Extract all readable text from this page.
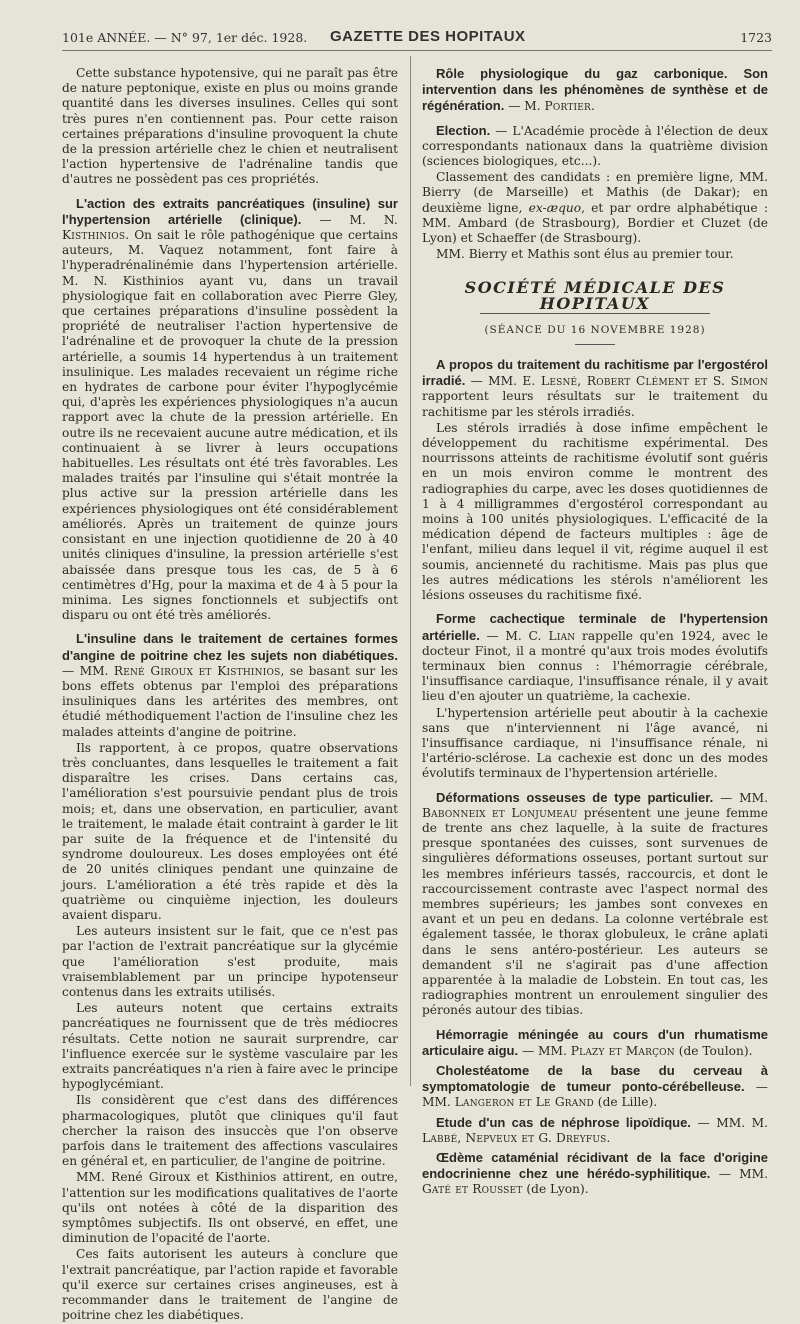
101e ANNÉE. — N° 97, 1er déc. 1928. GAZETTE DES HOPITAUX	1723

Cette substance hypotensive, qui ne paraît pas être de nature peptonique, existe en plus ou moins grande quantité dans les diverses insulines. Celles qui sont très pures n'en contiennent pas. Pour cette raison certaines préparations d'insuline provoquent la chute de la pression artérielle chez le chien et neutralisent l'action hypertensive de l'adrénaline tandis que d'autres ne possèdent pas ces propriétés.

L'action des extraits pancréatiques (insuline) sur l'hypertension artérielle (clinique). — M. N. Kisthinios. On sait le rôle pathogénique que certains auteurs, M. Vaquez notamment, font faire à l'hyperadrénalinémie dans l'hypertension artérielle. M. N. Kisthinios ayant vu, dans un travail physiologique fait en collaboration avec Pierre Gley, que certaines préparations d'insuline possèdent la propriété de neutraliser l'action hypertensive de l'adrénaline et de provoquer la chute de la pression artérielle, a soumis 14 hypertendus à un traitement insulinique. Les malades recevaient un régime riche en hydrates de carbone pour éviter l'hypoglycémie qui, d'après les expériences physiologiques n'a aucun rapport avec la chute de la pression artérielle. En outre ils ne recevaient aucune autre médication, et ils continuaient à se livrer à leurs occupations habituelles. Les résultats ont été très favorables. Les malades traités par l'insuline qui s'était montrée la plus active sur la pression artérielle dans les expériences physiologiques ont été considérablement améliorés. Après un traitement de quinze jours consistant en une injection quotidienne de 20 à 40 unités cliniques d'insuline, la pression artérielle s'est abaissée dans presque tous les cas, de 5 à 6 centimètres d'Hg, pour la maxima et de 4 à 5 pour la minima. Les signes fonctionnels et subjectifs ont disparu ou ont été très améliorés.

L'insuline dans le traitement de certaines formes d'angine de poitrine chez les sujets non diabétiques. — MM. René Giroux et Kisthinios, se basant sur les bons effets obtenus par l'emploi des préparations insuliniques dans les artérites des membres, ont étudié méthodiquement l'action de l'insuline chez les malades atteints d'angine de poitrine.

Ils rapportent, à ce propos, quatre observations très concluantes, dans lesquelles le traitement a fait disparaître les crises. Dans certains cas, l'amélioration s'est poursuivie pendant plus de trois mois; et, dans une observation, en particulier, avant le traitement, le malade était contraint à garder le lit par suite de la fréquence et de l'intensité du syndrome douloureux. Les doses employées ont été de 20 unités cliniques pendant une quinzaine de jours. L'amélioration a été très rapide et dès la quatrième ou cinquième injection, les douleurs avaient disparu.

Les auteurs insistent sur le fait, que ce n'est pas par l'action de l'extrait pancréatique sur la glycémie que l'amélioration s'est produite, mais vraisemblablement par un principe hypotenseur contenus dans les extraits utilisés.

Les auteurs notent que certains extraits pancréatiques ne fournissent que de très médiocres résultats. Cette notion ne saurait surprendre, car l'influence exercée sur le système vasculaire par les extraits pancréatiques n'a rien à faire avec le principe hypoglycémiant.

Ils considèrent que c'est dans des différences pharmacologiques, plutôt que cliniques qu'il faut chercher la raison des insuccès que l'on observe parfois dans le traitement des affections vasculaires en général et, en particulier, de l'angine de poitrine.

MM. René Giroux et Kisthinios attirent, en outre, l'attention sur les modifications qualitatives de l'aorte qu'ils ont notées à côté de la disparition des symptômes subjectifs. Ils ont observé, en effet, une diminution de l'opacité de l'aorte.

Ces faits autorisent les auteurs à conclure que l'extrait pancréatique, par l'action rapide et favorable qu'il exerce sur certaines crises angineuses, est à recommander dans le traitement de l'angine de poitrine chez les diabétiques.

Rôle physiologique du gaz carbonique. Son intervention dans les phénomènes de synthèse et de régénération. — M. Portier.

Election. — L'Académie procède à l'élection de deux correspondants nationaux dans la quatrième division (sciences biologiques, etc...).

Classement des candidats : en première ligne, MM. Bierry (de Marseille) et Mathis (de Dakar); en deuxième ligne, ex-æquo, et par ordre alphabétique : MM. Ambard (de Strasbourg), Bordier et Cluzet (de Lyon) et Schaeffer (de Strasbourg).

MM. Bierry et Mathis sont élus au premier tour.

SOCIÉTÉ MÉDICALE DES HOPITAUX
(SÉANCE DU 16 NOVEMBRE 1928)

A propos du traitement du rachitisme par l'ergostérol irradié. — MM. E. Lesné, Robert Clément et S. Simon rapportent leurs résultats sur le traitement du rachitisme par les stérols irradiés.

Les stérols irradiés à dose infime empêchent le développement du rachitisme expérimental. Des nourrissons atteints de rachitisme évolutif sont guéris en un mois environ comme le montrent des radiographies du carpe, avec les doses quotidiennes de 1 à 4 milligrammes d'ergostérol correspondant au moins à 100 unités physiologiques. L'efficacité de la médication dépend de facteurs multiples : âge de l'enfant, milieu dans lequel il vit, régime auquel il est soumis, ancienneté du rachitisme. Mais pas plus que les autres médications les stérols n'améliorent les lésions osseuses du rachitisme fixé.

Forme cachectique terminale de l'hypertension artérielle. — M. C. Lian rappelle qu'en 1924, avec le docteur Finot, il a montré qu'aux trois modes évolutifs terminaux bien connus : l'hémorragie cérébrale, l'insuffisance cardiaque, l'insuffisance rénale, il y avait lieu d'en ajouter un quatrième, la cachexie.

L'hypertension artérielle peut aboutir à la cachexie sans que n'interviennent ni l'âge avancé, ni l'insuffisance cardiaque, ni l'insuffisance rénale, ni l'artério-sclérose. La cachexie est donc un des modes évolutifs terminaux de l'hypertension artérielle.

Déformations osseuses de type particulier. — MM. Babonneix et Lonjumeau présentent une jeune femme de trente ans chez laquelle, à la suite de fractures presque spontanées des cuisses, sont survenues de singulières déformations osseuses, portant surtout sur les membres inférieurs tassés, raccourcis, et dont le raccourcissement contraste avec l'aspect normal des membres supérieurs; les jambes sont convexes en avant et un peu en dedans. La colonne vertébrale est également tassée, le thorax globuleux, le crâne aplati dans le sens antéro-postérieur. Les auteurs se demandent s'il ne s'agirait pas d'une affection apparentée à la maladie de Lobstein. En tout cas, les radiographies montrent un enroulement singulier des péronés autour des tibias.

Hémorragie méningée au cours d'un rhumatisme articulaire aigu. — MM. Plazy et Marçon (de Toulon).

Cholestéatome de la base du cerveau à symptomatologie de tumeur ponto-cérébelleuse. — MM. Langeron et Le Grand (de Lille).

Etude d'un cas de néphrose lipoïdique. — MM. M. Labbé, Nepveux et G. Dreyfus.

Œdème cataménial récidivant de la face d'origine endocrinienne chez une hérédo-syphilitique. — MM. Gaté et Rousset (de Lyon).
